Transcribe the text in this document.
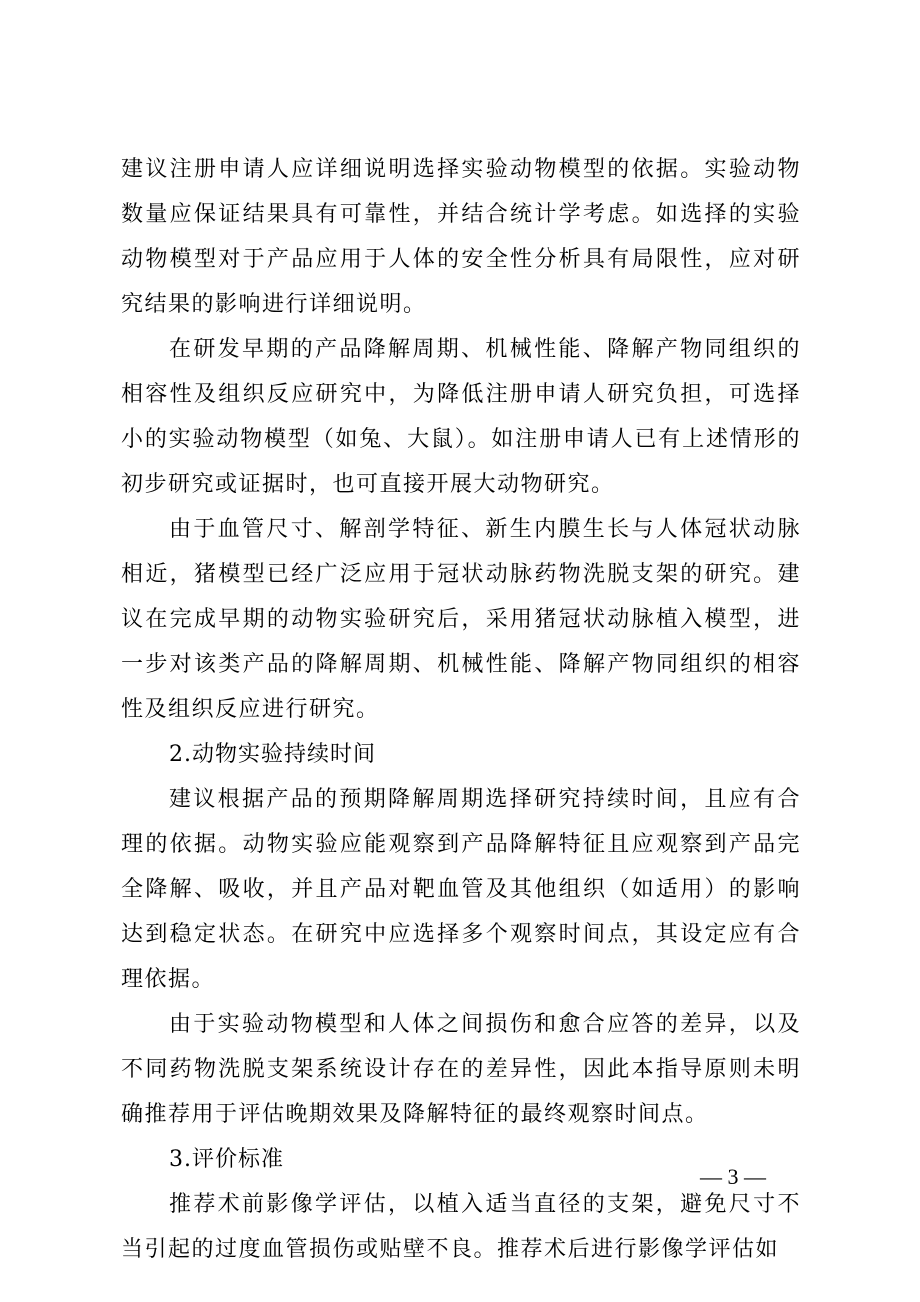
建议注册申请人应详细说明选择实验动物模型的依据。实验动物数量应保证结果具有可靠性，并结合统计学考虑。如选择的实验动物模型对于产品应用于人体的安全性分析具有局限性，应对研究结果的影响进行详细说明。

在研发早期的产品降解周期、机械性能、降解产物同组织的相容性及组织反应研究中，为降低注册申请人研究负担，可选择小的实验动物模型（如兔、大鼠）。如注册申请人已有上述情形的初步研究或证据时，也可直接开展大动物研究。

由于血管尺寸、解剖学特征、新生内膜生长与人体冠状动脉相近，猪模型已经广泛应用于冠状动脉药物洗脱支架的研究。建议在完成早期的动物实验研究后，采用猪冠状动脉植入模型，进一步对该类产品的降解周期、机械性能、降解产物同组织的相容性及组织反应进行研究。

2.动物实验持续时间

建议根据产品的预期降解周期选择研究持续时间，且应有合理的依据。动物实验应能观察到产品降解特征且应观察到产品完全降解、吸收，并且产品对靶血管及其他组织（如适用）的影响达到稳定状态。在研究中应选择多个观察时间点，其设定应有合理依据。

由于实验动物模型和人体之间损伤和愈合应答的差异，以及不同药物洗脱支架系统设计存在的差异性，因此本指导原则未明确推荐用于评估晚期效果及降解特征的最终观察时间点。

3.评价标准

推荐术前影像学评估，以植入适当直径的支架，避免尺寸不当引起的过度血管损伤或贴壁不良。推荐术后进行影像学评估如

— 3 —
